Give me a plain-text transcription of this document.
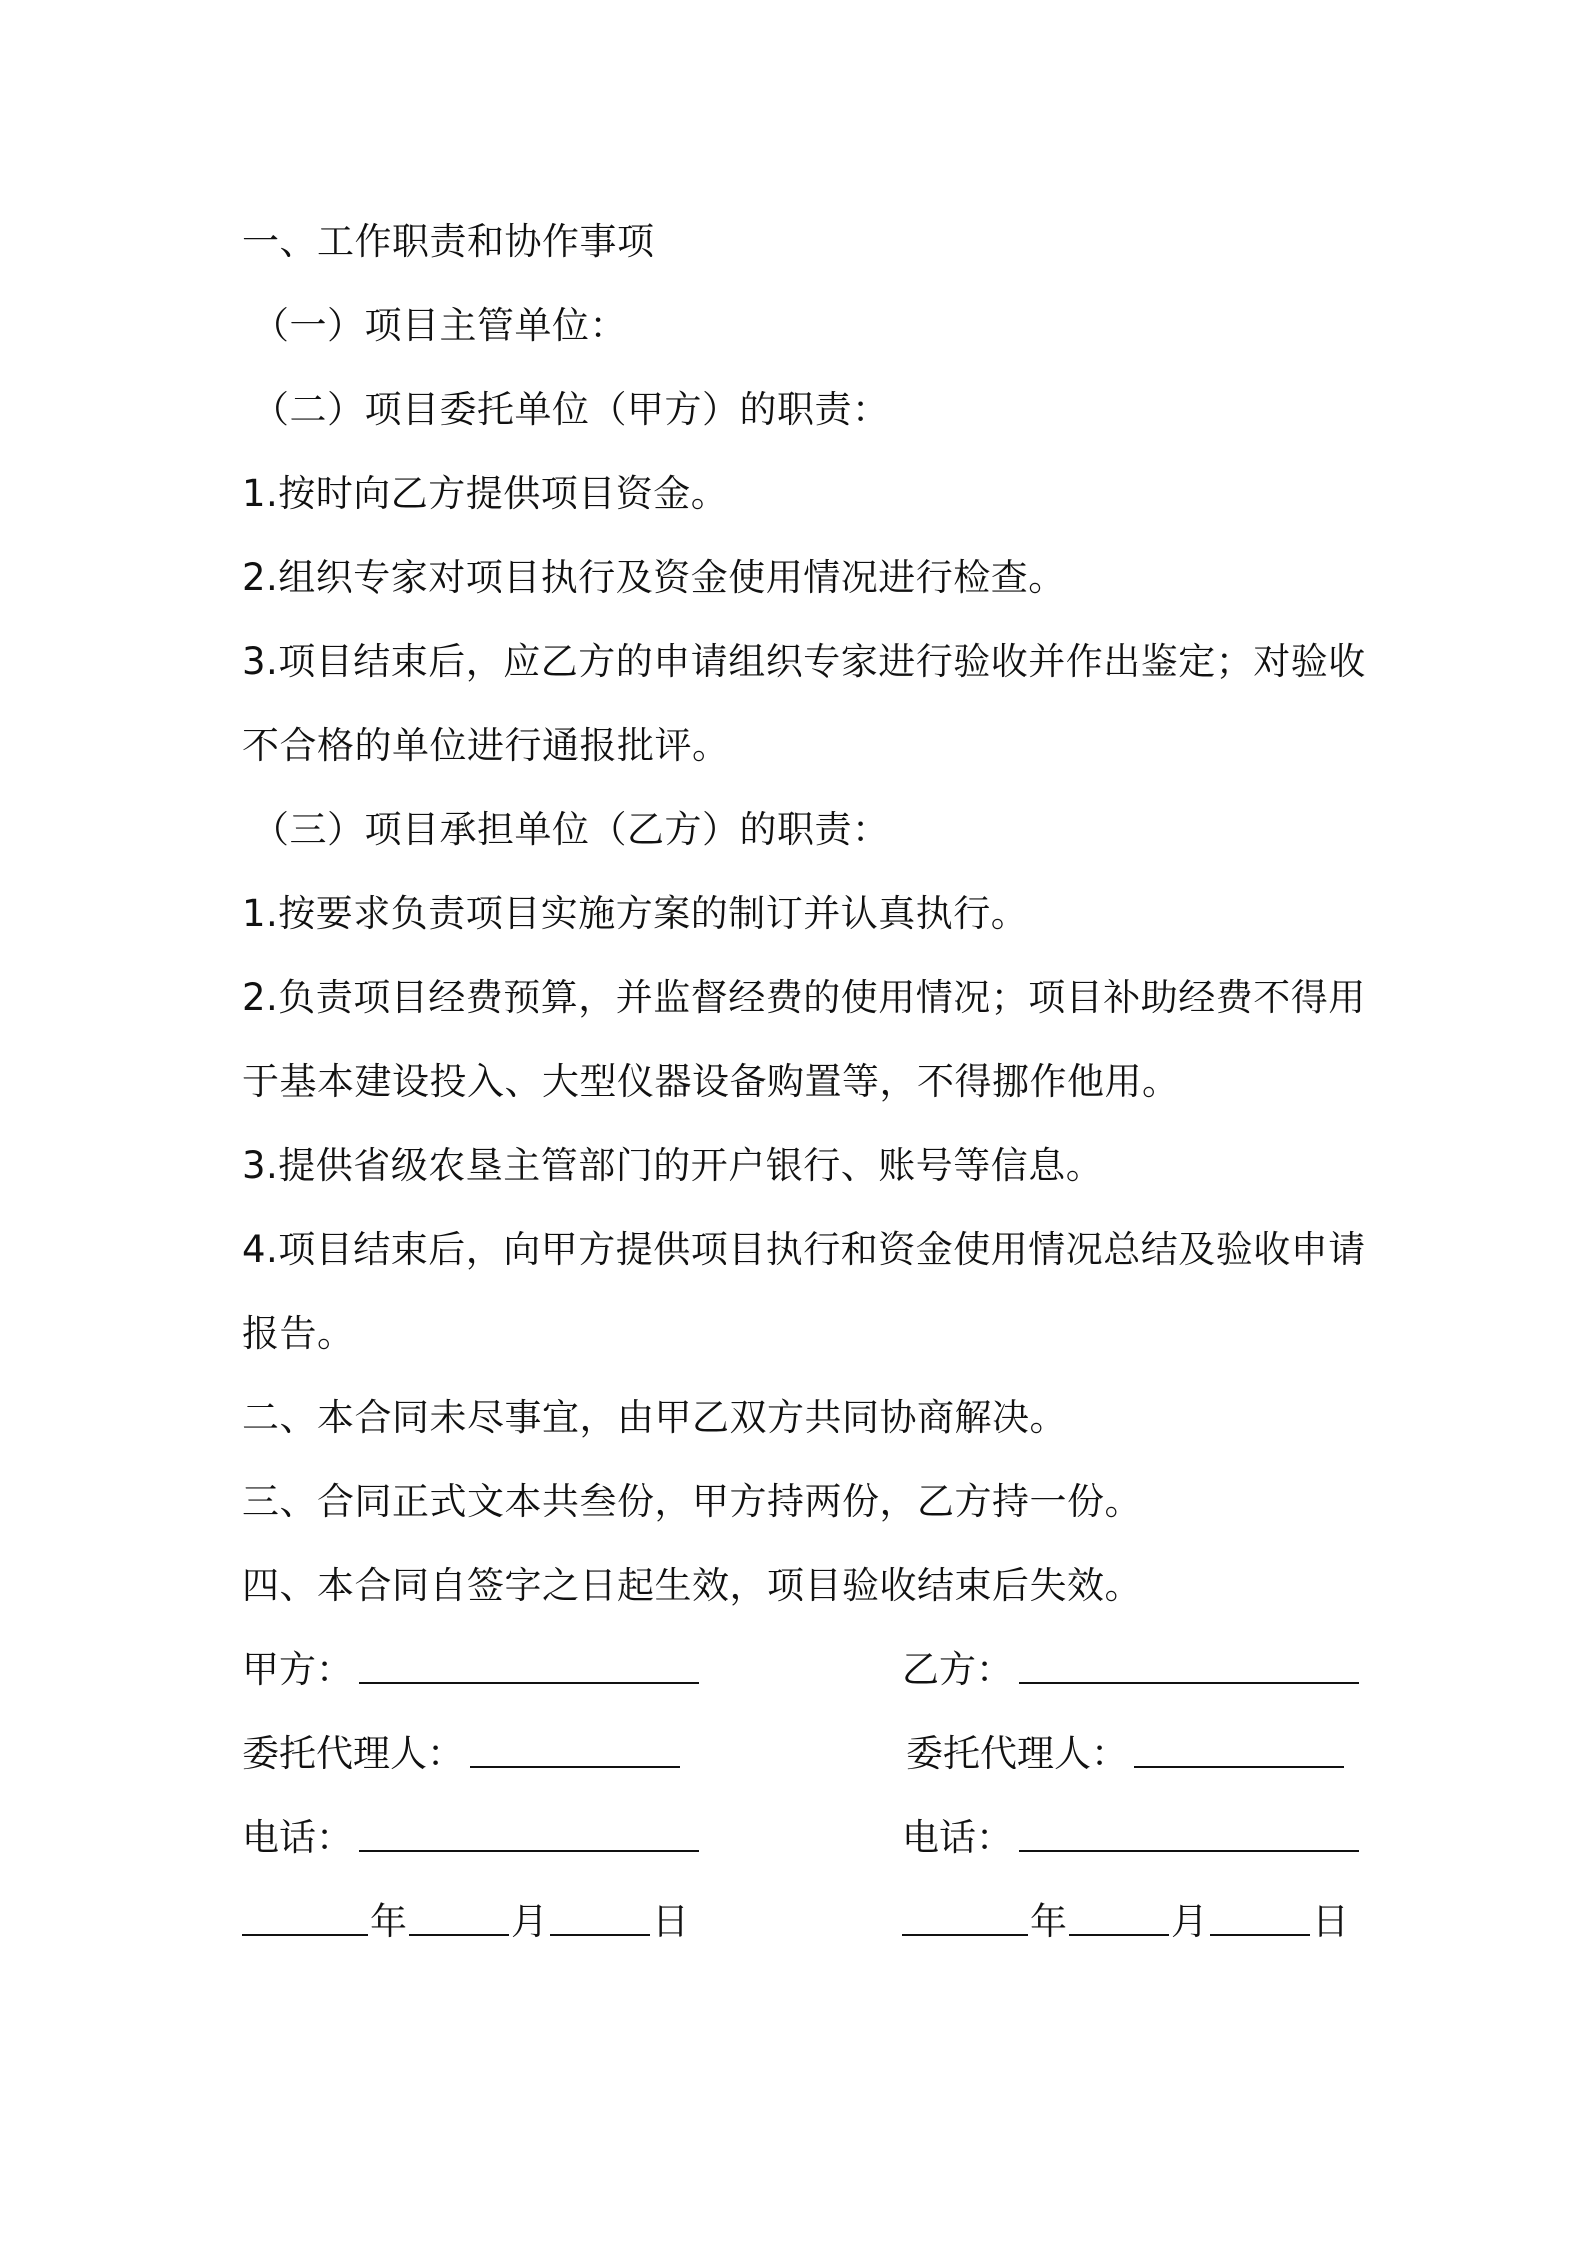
一、工作职责和协作事项
（一）项目主管单位：
（二）项目委托单位（甲方）的职责：
1.按时向乙方提供项目资金。
2.组织专家对项目执行及资金使用情况进行检查。
3.项目结束后，应乙方的申请组织专家进行验收并作出鉴定；对验收
不合格的单位进行通报批评。
（三）项目承担单位（乙方）的职责：
1.按要求负责项目实施方案的制订并认真执行。
2.负责项目经费预算，并监督经费的使用情况；项目补助经费不得用
于基本建设投入、大型仪器设备购置等，不得挪作他用。
3.提供省级农垦主管部门的开户银行、账号等信息。
4.项目结束后，向甲方提供项目执行和资金使用情况总结及验收申请
报告。
二、本合同未尽事宜，由甲乙双方共同协商解决。
三、合同正式文本共叁份，甲方持两份，乙方持一份。
四、本合同自签字之日起生效，项目验收结束后失效。
甲方：	乙方：
委托代理人：	委托代理人：
电话：	电话：
年	月	日	年	月	日
